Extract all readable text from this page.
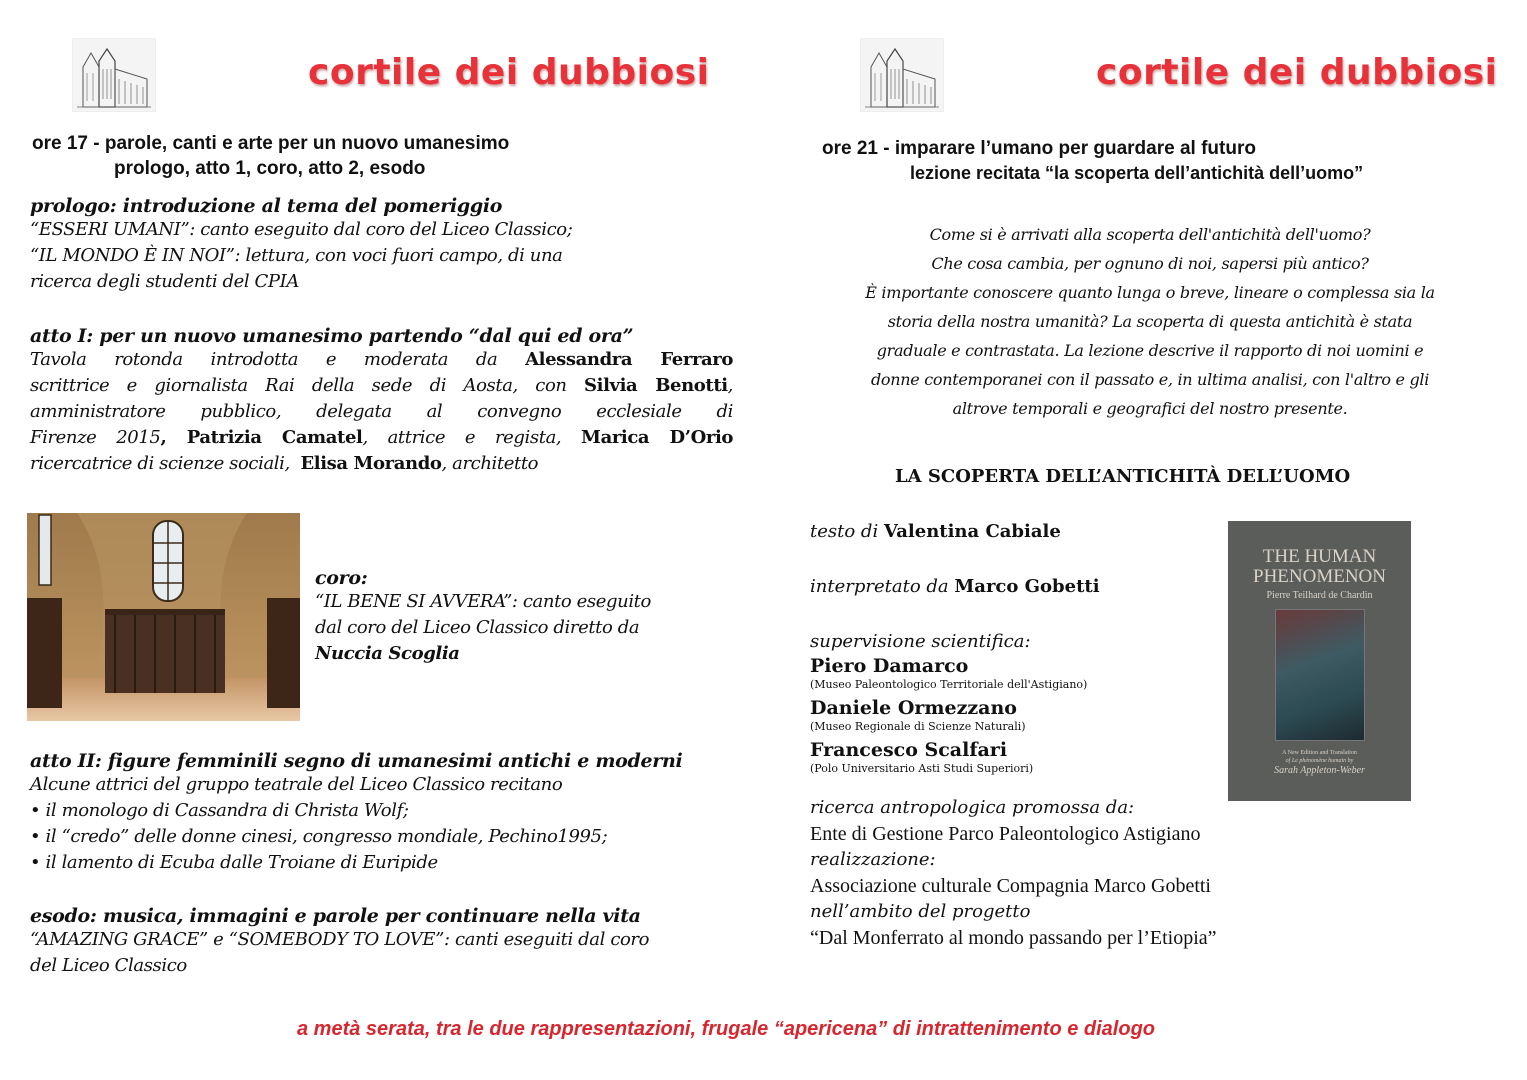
cortile dei dubbiosi
ore 17 - parole, canti e arte per un nuovo umanesimo
prologo, atto 1, coro, atto 2, esodo
prologo: introduzione al tema del pomeriggio
“ESSERI UMANI”: canto eseguito dal coro del Liceo Classico;
“IL MONDO È IN NOI”: lettura, con voci fuori campo, di una
ricerca degli studenti del CPIA
atto I: per un nuovo umanesimo partendo “dal qui ed ora”
Tavola rotonda introdotta e moderata da Alessandra Ferraro
scrittrice e giornalista Rai della sede di Aosta, con Silvia Benotti,
amministratore pubblico, delegata al convegno ecclesiale di
Firenze 2015, Patrizia Camatel, attrice e regista, Marica D’Orio
ricercatrice di scienze sociali,  Elisa Morando, architetto
coro:
“IL BENE SI AVVERA”: canto eseguito
dal coro del Liceo Classico diretto da
Nuccia Scoglia
atto II: figure femminili segno di umanesimi antichi e moderni
Alcune attrici del gruppo teatrale del Liceo Classico recitano
• il monologo di Cassandra di Christa Wolf;
• il “credo” delle donne cinesi, congresso mondiale, Pechino1995;
• il lamento di Ecuba dalle Troiane di Euripide
esodo: musica, immagini e parole per continuare nella vita
“AMAZING GRACE” e “SOMEBODY TO LOVE”: canti eseguiti dal coro
del Liceo Classico
cortile dei dubbiosi
ore 21 - imparare l’umano per guardare al futuro
lezione recitata “la scoperta dell’antichità dell’uomo”
Come si è arrivati alla scoperta dell'antichità dell'uomo?
Che cosa cambia, per ognuno di noi, sapersi più antico?
È importante conoscere quanto lunga o breve, lineare o complessa sia la
storia della nostra umanità? La scoperta di questa antichità è stata
graduale e contrastata. La lezione descrive il rapporto di noi uomini e
donne contemporanei con il passato e, in ultima analisi, con l'altro e gli
altrove temporali e geografici del nostro presente.
LA SCOPERTA DELL’ANTICHITÀ DELL’UOMO
testo di Valentina Cabiale
interpretato da Marco Gobetti
supervisione scientifica:
Piero Damarco
(Museo Paleontologico Territoriale dell'Astigiano)
Daniele Ormezzano
(Museo Regionale di Scienze Naturali)
Francesco Scalfari
(Polo Universitario Asti Studi Superiori)
ricerca antropologica promossa da:
Ente di Gestione Parco Paleontologico Astigiano
realizzazione:
Associazione culturale Compagnia Marco Gobetti
nell’ambito del progetto
“Dal Monferrato al mondo passando per l’Etiopia”
THE HUMAN
PHENOMENON
Pierre Teilhard de Chardin
A New Edition and Translation
of Le phénomène humain by
Sarah Appleton-Weber
a metà serata, tra le due rappresentazioni, frugale “apericena” di intrattenimento e dialogo
